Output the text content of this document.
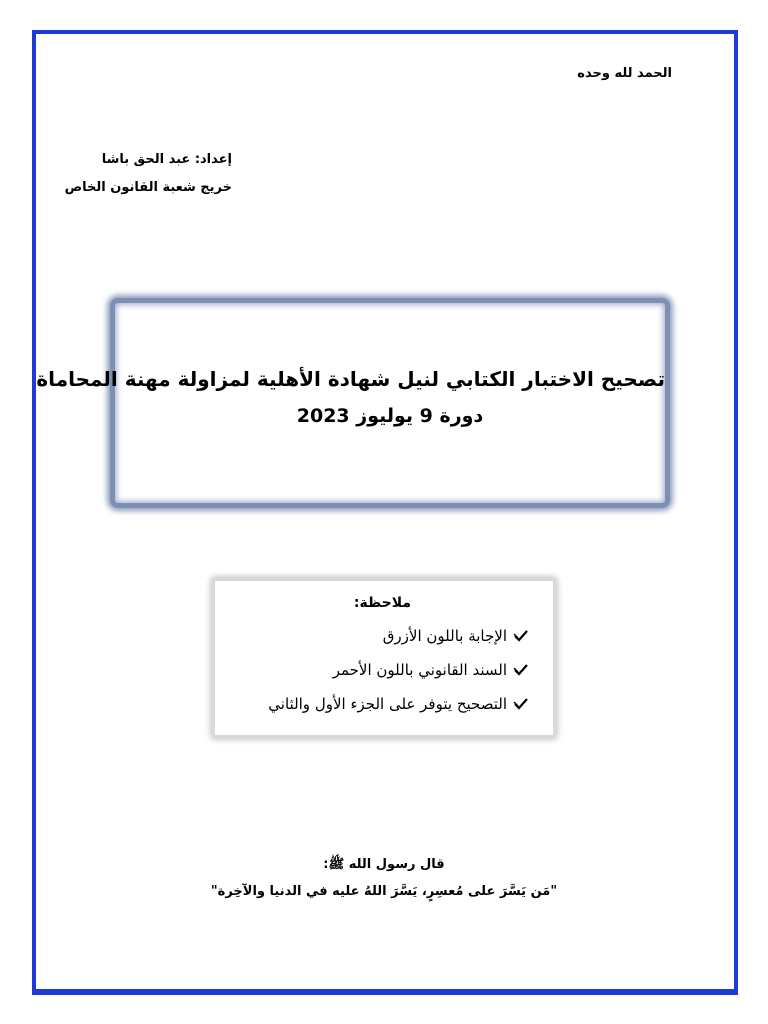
الحمد لله وحده
إعداد: عبد الحق باشا
خريج شعبة القانون الخاص
تصحيح الاختبار الكتابي لنيل شهادة الأهلية لمزاولة مهنة المحاماة
دورة 9 يوليوز 2023
ملاحظة:
الإجابة باللون الأزرق
السند القانوني باللون الأحمر
التصحيح يتوفر على الجزء الأول والثاني
قال رسول الله ﷺ:
"مَن يَسَّرَ على مُعسِرٍ، يَسَّرَ اللهُ عليه في الدنيا والآخِرة"
